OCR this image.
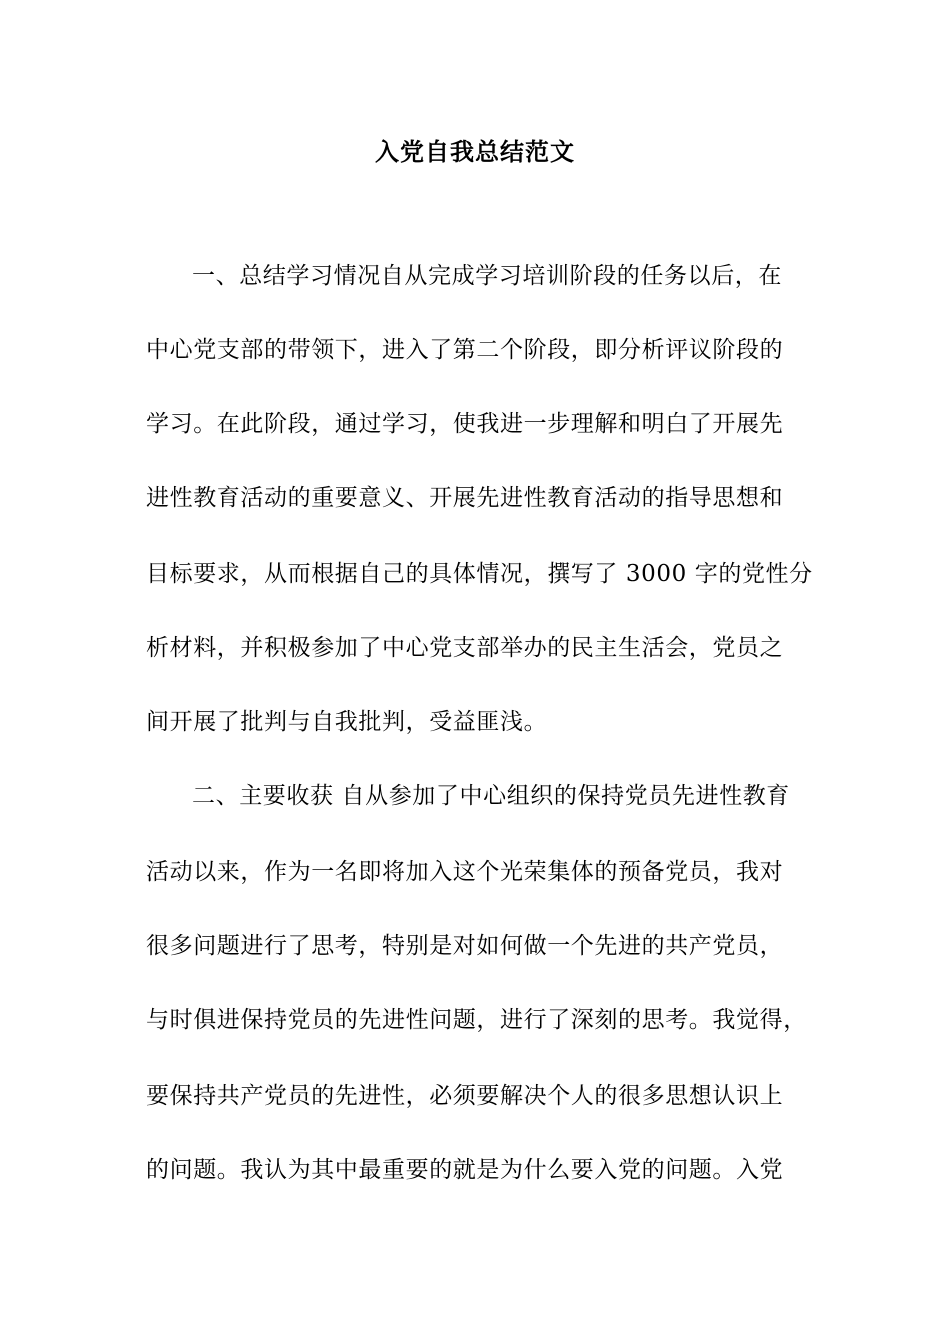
入党自我总结范文
一、总结学习情况自从完成学习培训阶段的任务以后，在
中心党支部的带领下，进入了第二个阶段，即分析评议阶段的
学习。在此阶段，通过学习，使我进一步理解和明白了开展先
进性教育活动的重要意义、开展先进性教育活动的指导思想和
目标要求，从而根据自己的具体情况，撰写了 3000 字的党性分
析材料，并积极参加了中心党支部举办的民主生活会，党员之
间开展了批判与自我批判，受益匪浅。
二、主要收获 自从参加了中心组织的保持党员先进性教育
活动以来，作为一名即将加入这个光荣集体的预备党员，我对
很多问题进行了思考，特别是对如何做一个先进的共产党员，
与时俱进保持党员的先进性问题，进行了深刻的思考。我觉得，
要保持共产党员的先进性，必须要解决个人的很多思想认识上
的问题。我认为其中最重要的就是为什么要入党的问题。入党
